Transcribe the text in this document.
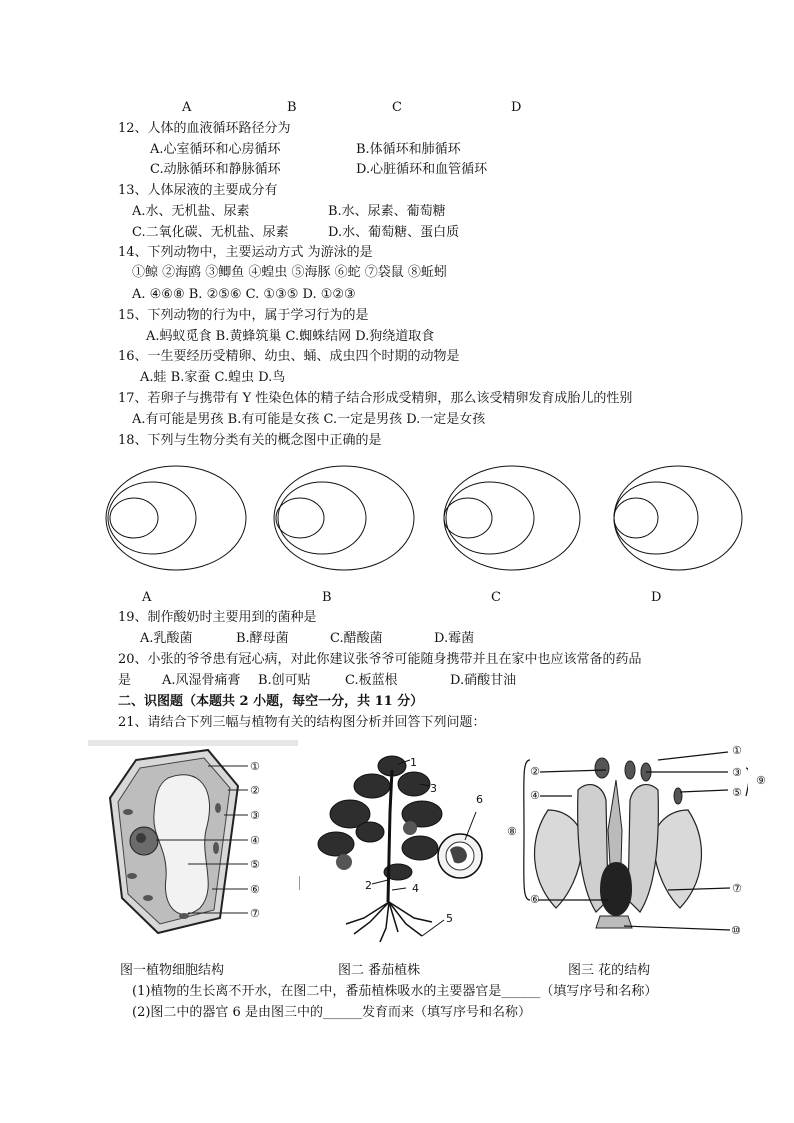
A	B	C	D
12、人体的血液循环路径分为
A.心室循环和心房循环	B.体循环和肺循环
C.动脉循环和静脉循环	D.心脏循环和血管循环
13、人体尿液的主要成分有
A.水、无机盐、尿素	B.水、尿素、葡萄糖
C.二氧化碳、无机盐、尿素	D.水、葡萄糖、蛋白质
14、下列动物中，主要运动方式 为游泳的是
①鲸 ②海鸥 ③鲫鱼 ④蝗虫 ⑤海豚 ⑥蛇 ⑦袋鼠 ⑧蚯蚓
A. ④⑥⑧ B. ②⑤⑥ C. ①③⑤ D. ①②③
15、下列动物的行为中，属于学习行为的是
A.蚂蚁觅食 B.黄蜂筑巢 C.蜘蛛结网 D.狗绕道取食
16、一生要经历受精卵、幼虫、蛹、成虫四个时期的动物是
A.蛙 B.家蚕 C.蝗虫 D.鸟
17、若卵子与携带有 Y 性染色体的精子结合形成受精卵，那么该受精卵发育成胎儿的性别
A.有可能是男孩 B.有可能是女孩 C.一定是男孩 D.一定是女孩
18、下列与生物分类有关的概念图中正确的是
A	B	C	D
19、制作酸奶时主要用到的菌种是
A.乳酸菌	B.酵母菌	C.醋酸菌	D.霉菌
20、小张的爷爷患有冠心病，对此你建议张爷爷可能随身携带并且在家中也应该常备的药品
是 A.风湿骨痛膏 B.创可贴	C.板蓝根	D.硝酸甘油
二、识图题（本题共 2 小题，每空一分，共 11 分）
21、请结合下列三幅与植物有关的结构图分析并回答下列问题：
①
②
③
④
⑤
⑥
⑦
1
3
6
2	4
5
①
②	③
④	⑤
⑥
⑦
⑧
⑨
⑩
图一植物细胞结构	图二 番茄植株	图三 花的结构
(1)植物的生长离不开水，在图二中，番茄植株吸水的主要器官是______（填写序号和名称）
(2)图二中的器官 6 是由图三中的______发育而来（填写序号和名称）
